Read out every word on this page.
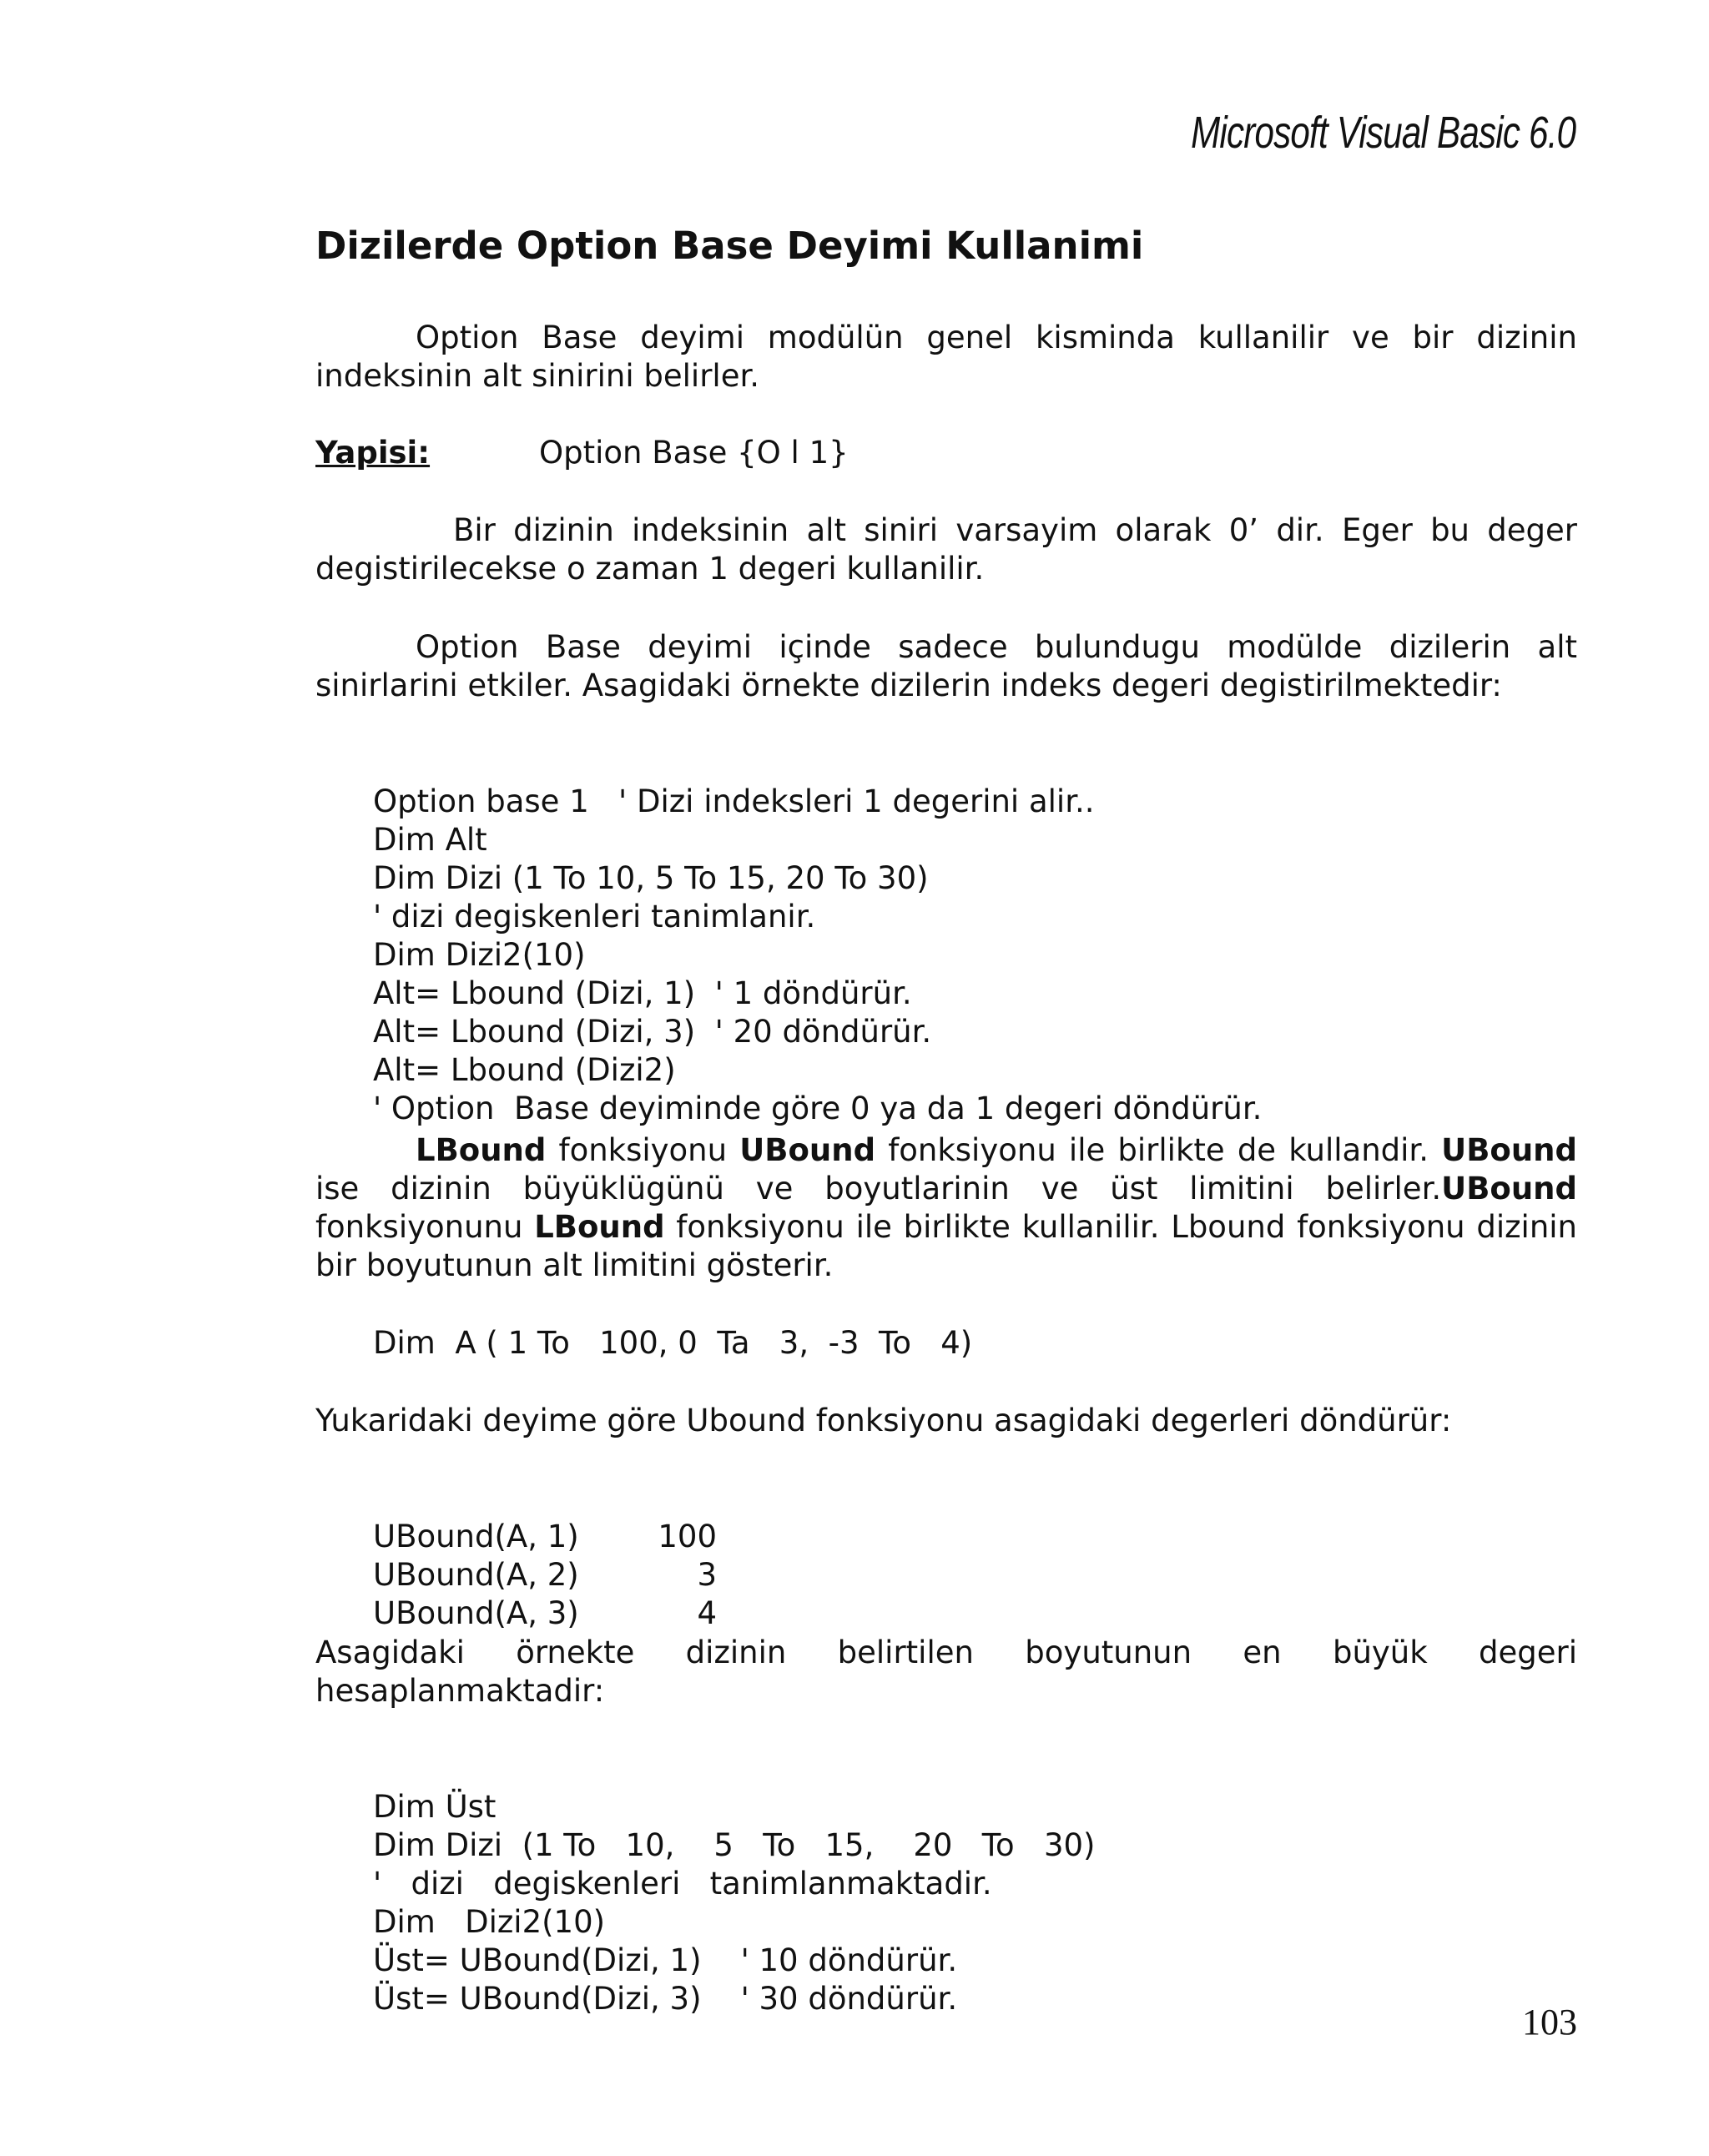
Microsoft Visual Basic 6.0
Dizilerde Option Base Deyimi Kullanimi

Option Base deyimi modülün genel kisminda kullanilir ve bir dizinin indeksinin alt sinirini belirler.

Yapisi:	Option Base {O l 1}

Bir dizinin indeksinin alt siniri varsayim olarak 0’ dir. Eger bu deger degistirilecekse o zaman 1 degeri kullanilir.

Option Base deyimi içinde sadece bulundugu modülde dizilerin alt sinirlarini etkiler. Asagidaki örnekte dizilerin indeks degeri degistirilmektedir:

Option base 1   ' Dizi indeksleri 1 degerini alir..
Dim Alt
Dim Dizi (1 To 10, 5 To 15, 20 To 30)
' dizi degiskenleri tanimlanir.
Dim Dizi2(10)
Alt= Lbound (Dizi, 1)  ' 1 döndürür.
Alt= Lbound (Dizi, 3)  ' 20 döndürür.
Alt= Lbound (Dizi2)
' Option  Base deyiminde göre 0 ya da 1 degeri döndürür.

LBound fonksiyonu UBound fonksiyonu ile birlikte de kullandir. UBound ise dizinin büyüklügünü ve boyutlarinin ve üst limitini belirler.UBound fonksiyonunu LBound fonksiyonu ile birlikte kullanilir. Lbound fonksiyonu dizinin bir boyutunun alt limitini gösterir.

Dim  A ( 1 To   100, 0  Ta   3,  -3  To   4)

Yukaridaki deyime göre Ubound fonksiyonu asagidaki degerleri döndürür:

UBound(A, 1)	100
UBound(A, 2)	3
UBound(A, 3)	4

Asagidaki örnekte dizinin belirtilen boyutunun en büyük degeri hesaplanmaktadir:

Dim Üst
Dim Dizi  (1 To   10,    5   To   15,    20   To   30)
'   dizi   degiskenleri   tanimlanmaktadir.
Dim   Dizi2(10)
Üst= UBound(Dizi, 1)    ' 10 döndürür.
Üst= UBound(Dizi, 3)    ' 30 döndürür.

103
